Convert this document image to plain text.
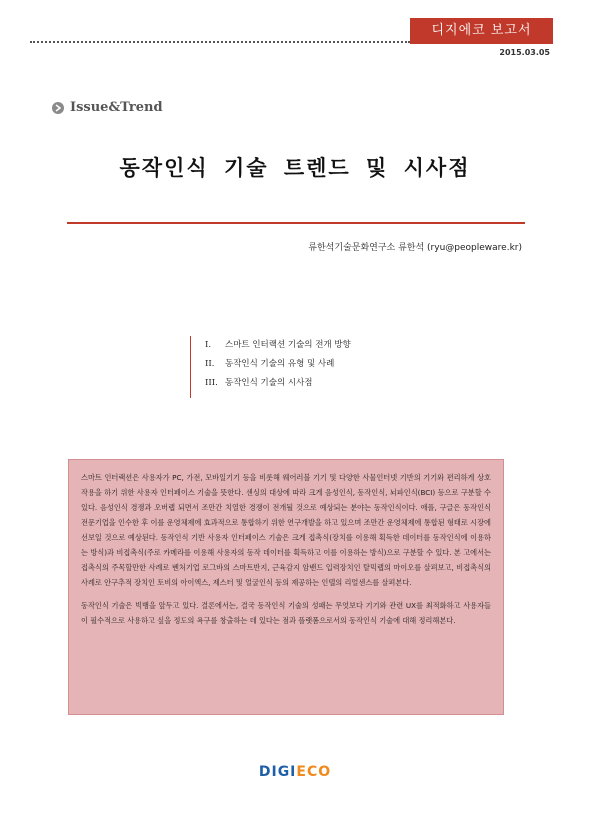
디지에코 보고서
2015.03.05
Issue&Trend
동작인식 기술 트렌드 및 시사점
류한석기술문화연구소 류한석 (ryu@peopleware.kr)
I. 스마트 인터랙션 기술의 전개 방향
II. 동작인식 기술의 유형 및 사례
III. 동작인식 기술의 시사점

스마트 인터랙션은 사용자가 PC, 가전, 모바일기기 등을 비롯해 웨어러블 기기 및 다양한 사물인터넷 기반의 기기와 편리하게 상호작용을 하기 위한 사용자 인터페이스 기술을 뜻한다. 센싱의 대상에 따라 크게 음성인식, 동작인식, 뇌파인식(BCI) 등으로 구분할 수 있다. 음성인식 경쟁과 오버랩 되면서 조만간 치열한 경쟁이 전개될 것으로 예상되는 분야는 동작인식이다. 애플, 구글은 동작인식 전문기업을 인수한 후 이를 운영체제에 효과적으로 통합하기 위한 연구개발을 하고 있으며 조만간 운영체제에 통합된 형태로 시장에 선보일 것으로 예상된다. 동작인식 기반 사용자 인터페이스 기술은 크게 접촉식(장치를 이용해 획득한 데이터를 동작인식에 이용하는 방식)과 비접촉식(주로 카메라를 이용해 사용자의 동작 데이터를 획득하고 이를 이용하는 방식)으로 구분할 수 있다. 본 고에서는 접촉식의 주목할만한 사례로 벤처기업 로그바의 스마트반지, 근육감지 암밴드 입력장치인 탈믹랩의 마이오를 살펴보고, 비접촉식의 사례로 안구추적 장치인 토비의 아이엑스, 제스터 및 얼굴인식 등의 제공하는 인텔의 리얼센스를 살펴본다.

동작인식 기술은 빅뱅을 앞두고 있다. 결론에서는, 결국 동작인식 기술의 성패는 무엇보다 기기와 관련 UX를 최적화하고 사용자들이 필수적으로 사용하고 싶을 정도의 욕구를 창출하는 데 있다는 점과 플랫폼으로서의 동작인식 기술에 대해 정리해본다.

DIGIECO
